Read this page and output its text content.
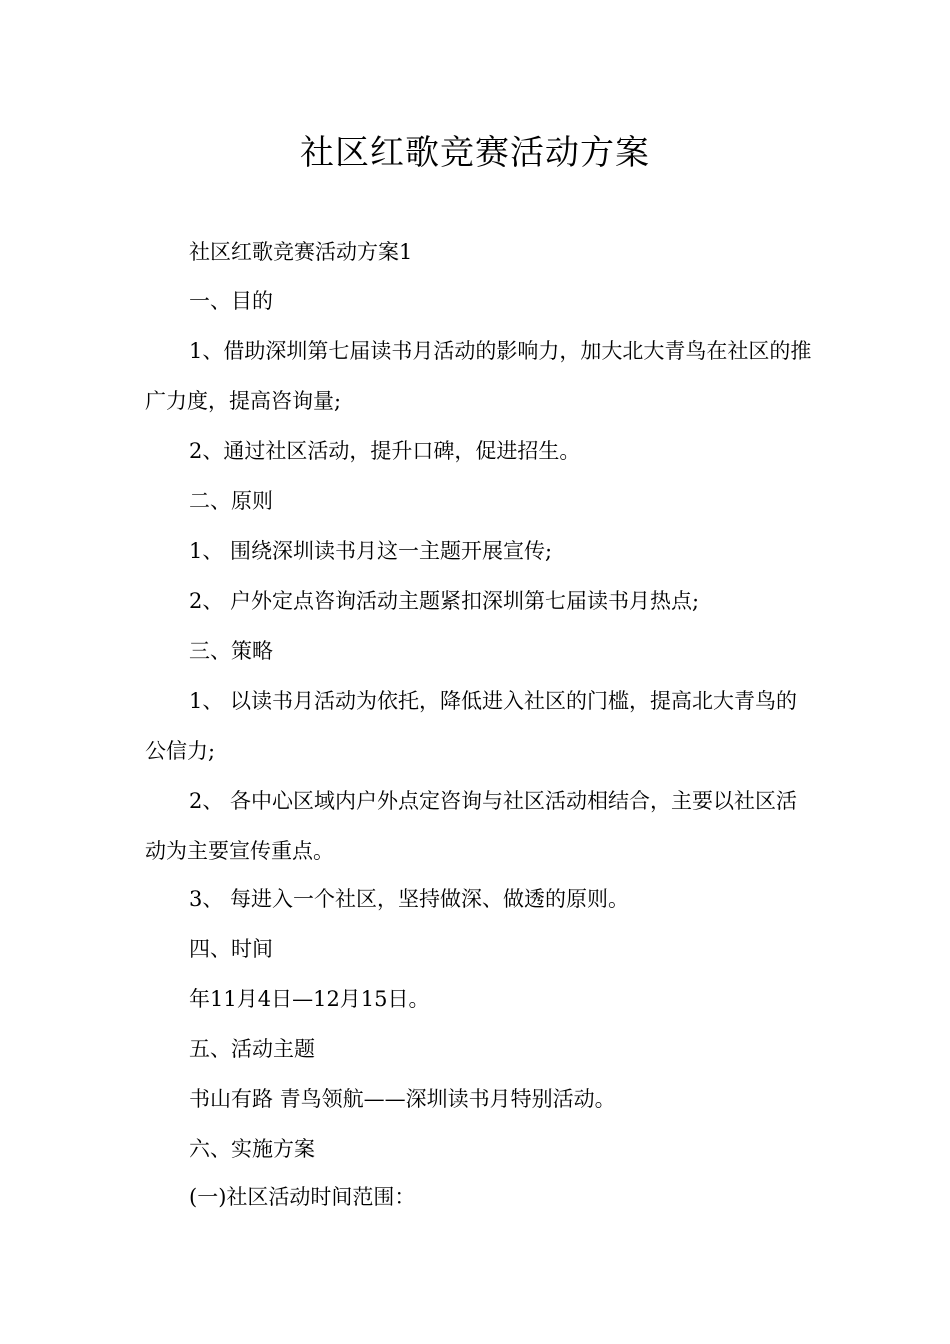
社区红歌竞赛活动方案

社区红歌竞赛活动方案1

一、目的

1、借助深圳第七届读书月活动的影响力，加大北大青鸟在社区的推广力度，提高咨询量;

2、通过社区活动，提升口碑，促进招生。

二、原则

1、 围绕深圳读书月这一主题开展宣传;

2、 户外定点咨询活动主题紧扣深圳第七届读书月热点;

三、策略

1、 以读书月活动为依托，降低进入社区的门槛，提高北大青鸟的公信力;

2、 各中心区域内户外点定咨询与社区活动相结合，主要以社区活动为主要宣传重点。

3、 每进入一个社区，坚持做深、做透的原则。

四、时间

年11月4日—12月15日。

五、活动主题

书山有路 青鸟领航——深圳读书月特别活动。

六、实施方案

(一)社区活动时间范围：
